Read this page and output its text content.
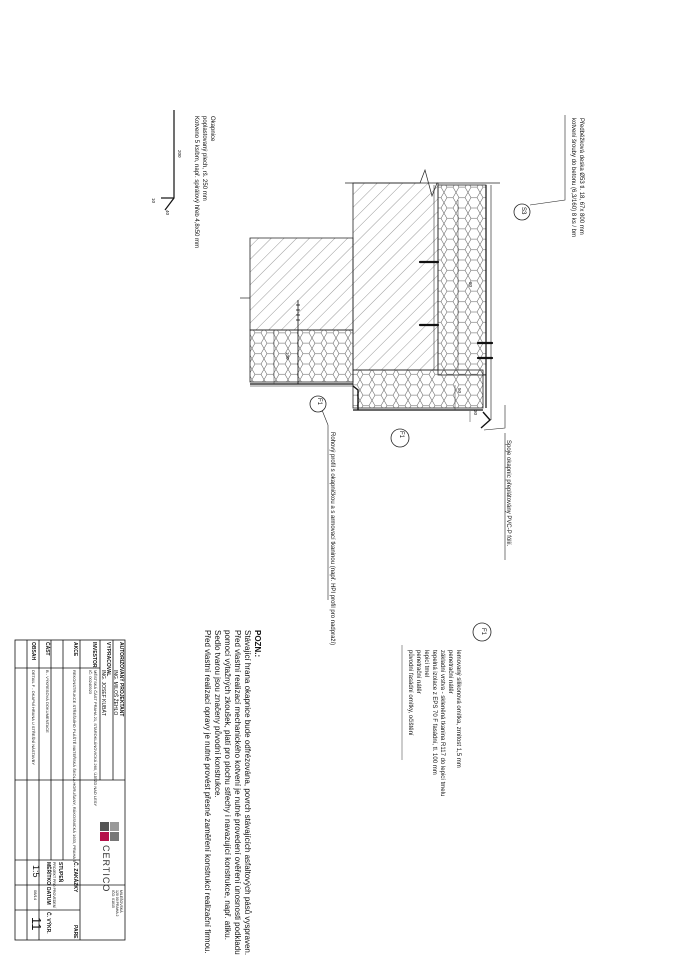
Předběžková deska Ø53 tl. 18, 67x 800 mm
kotvení šrouby do betonu (6,3/160) 8 ks / bm
S3
F1
F1
Spoje okapnic přeplátovány PVC-P fólií.
Rohový profil s okapničkou a s armovací tkaninou (např. HPI profil pro nadpraží)
80
100
50
30
Okapnice
poplastovaný plech, rš. 250 mm
Kotveno 5 ks/bm, např. spirálový hřeb 4,8x50 mm
200
40
10
lemovaný silikonová omítka, zrnitost 1,5 mm
penetrační nátěr
základní vrstva - skleněná tkanina R117 do lepicí tmelu
tepelná izolace z EPS 70 F fasádní, tl. 100 mm
lepicí tmel
penetrační nátěr
původní fasádní omítky, očištění
F1
POZN.:
Stávající hrana okapnice bude odfrézována, povrch stávajících asfaltových pásů vyspraven.
Před vlastní realizací mechanického kotvení je nutné provedení ověření únosnosti podkladu
pomocí výtažných zkoušek, platí pro plochu střechy i navazující konstrukce, např. atiku.
Sedlo tvarou jsou značeny původní konstrukce.
Před vlastní realizací opravy je nutné provést přesné zaměření konstrukcí realizační firmou.
AUTORIZOVANÝ PROJEKTANT
ING. MILOŠ ŽEHLO
VYPRACOVAL
ING. JOSEF KUBÁT
INVESTOR
MĚSTSKÁ ČÁST PRAHA 21, STAROKLÁNOVICKÁ 260, ÚJEZD NAD LESY
IČ: 00240923
AKCE
REKONSTRUKCE STŘEŠNÍHO PLÁŠTĚ MATEŘSKÁ ŠKOLA HORUŠANY, RÁKOSNICKÁ 1633, PRAHA 9
ČÁST
B - VÝKRESOVÁ DOKUMENTACE
OBSAH
DETAIL F - OKAPNÍ HRANA U STŘEŠNÍ NÁSTAVBY
CERTICO
MILEŠOVSKÁ
120 00 PRAHA 2
IČO: 01815
Č. ZAKÁZKY
PARE
STUPEŇ
PROJEKT PRO PROVEDENÍ
MĚŘÍTKO
DATUM
Č. VÝKR.
1:5
08/14
11
